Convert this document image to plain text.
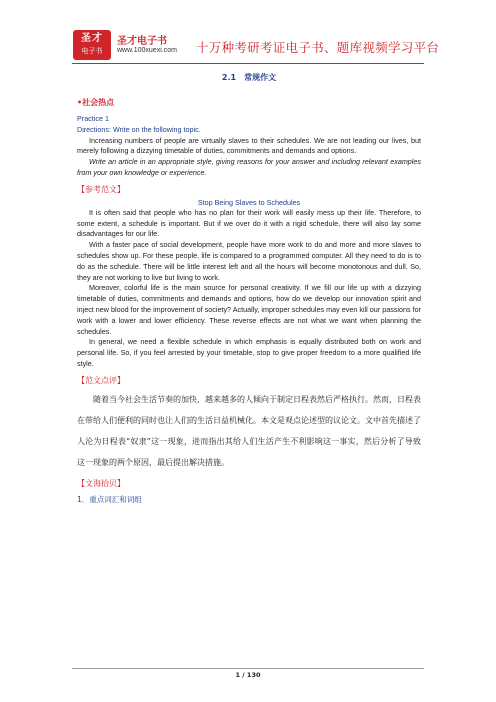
圣才
电子书
圣才电子书
www.100xuexi.com 十万种考研考证电子书、题库视频学习平台
2.1　常规作文
•社会热点
Practice 1
Directions: Write on the following topic.
Increasing numbers of people are virtually slaves to their schedules. We are not leading our lives, but merely following a dizzying timetable of duties, commitments and demands and options.
Write an article in an appropriate style, giving reasons for your answer and including relevant examples from your own knowledge or experience.
【参考范文】
Stop Being Slaves to Schedules
It is often said that people who has no plan for their work will easily mess up their life. Therefore, to some extent, a schedule is important. But if we over do it with a rigid schedule, there will also lay some disadvantages for our life.
With a faster pace of social development, people have more work to do and more and more slaves to schedules show up. For these people, life is compared to a programmed computer. All they need to do is to do as the schedule. There will be little interest left and all the hours will become monotonous and dull. So, they are not working to live but living to work.
Moreover, colorful life is the main source for personal creativity. If we fill our life up with a dizzying timetable of duties, commitments and demands and options, how do we develop our innovation spirit and inject new blood for the improvement of society? Actually, improper schedules may even kill our passions for work with a lower and lower efficiency. These reverse effects are not what we want when planning the schedules.
In general, we need a flexible schedule in which emphasis is equally distributed both on work and personal life. So, if you feel arrested by your timetable, stop to give proper freedom to a more qualified life style.
【范文点评】
随着当今社会生活节奏的加快，越来越多的人倾向于制定日程表然后严格执行。然而，日程表在带给人们便利的同时也让人们的生活日益机械化。本文是观点论述型的议论文。文中首先描述了人沦为日程表“奴隶”这一现象，进而指出其给人们生活产生不利影响这一事实，然后分析了导致这一现象的两个原因，最后提出解决措施。
【文海拾贝】
1．重点词汇和词组
1 / 130
